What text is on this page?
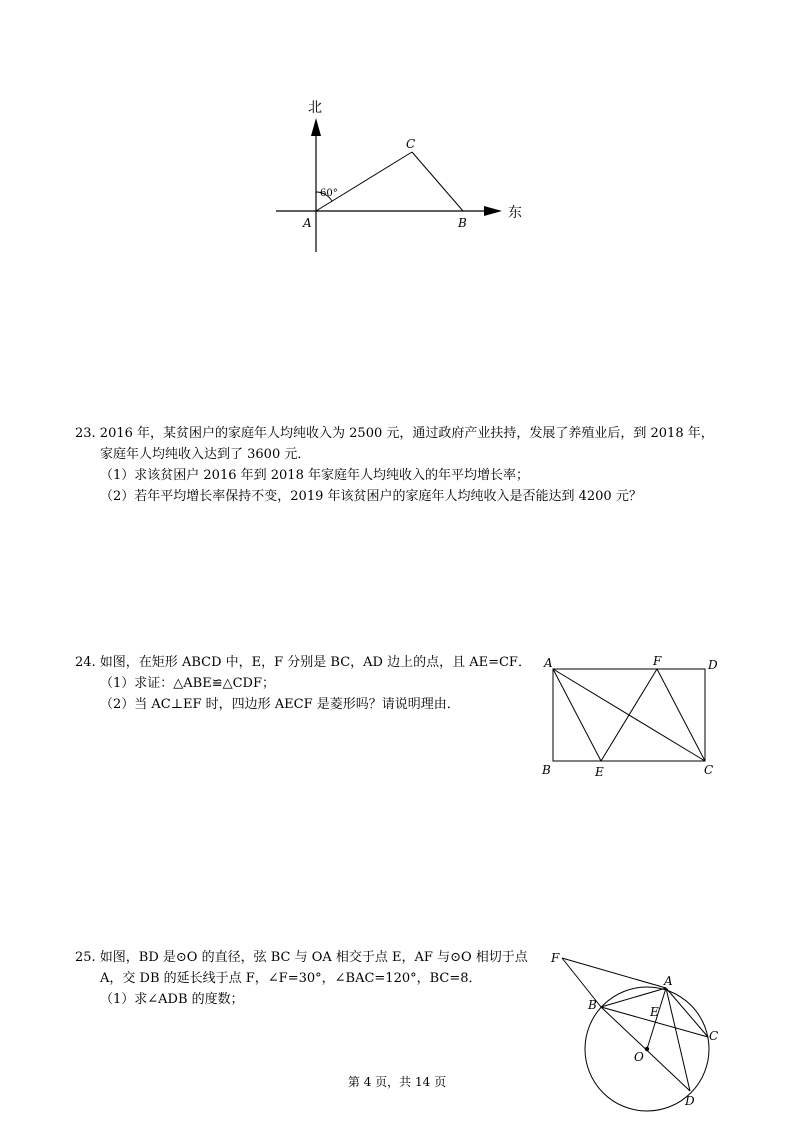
北
东
C
A	B
60°
23. 2016 年，某贫困户的家庭年人均纯收入为 2500 元，通过政府产业扶持，发展了养殖业后，到 2018 年，
家庭年人均纯收入达到了 3600 元．
（1）求该贫困户 2016 年到 2018 年家庭年人均纯收入的年平均增长率；
（2）若年平均增长率保持不变，2019 年该贫困户的家庭年人均纯收入是否能达到 4200 元？
24. 如图，在矩形 ABCD 中，E，F 分别是 BC，AD 边上的点，且 AE=CF．
（1）求证：△ABE≌△CDF；
（2）当 AC⊥EF 时，四边形 AECF 是菱形吗？请说明理由．
A	F	D
B	E	C
25. 如图，BD 是⊙O 的直径，弦 BC 与 OA 相交于点 E，AF 与⊙O 相切于点
A，交 DB 的延长线于点 F，∠F=30°，∠BAC=120°，BC=8．
（1）求∠ADB 的度数；
F
A
B	E
C
O
D
第 4 页，共 14 页
